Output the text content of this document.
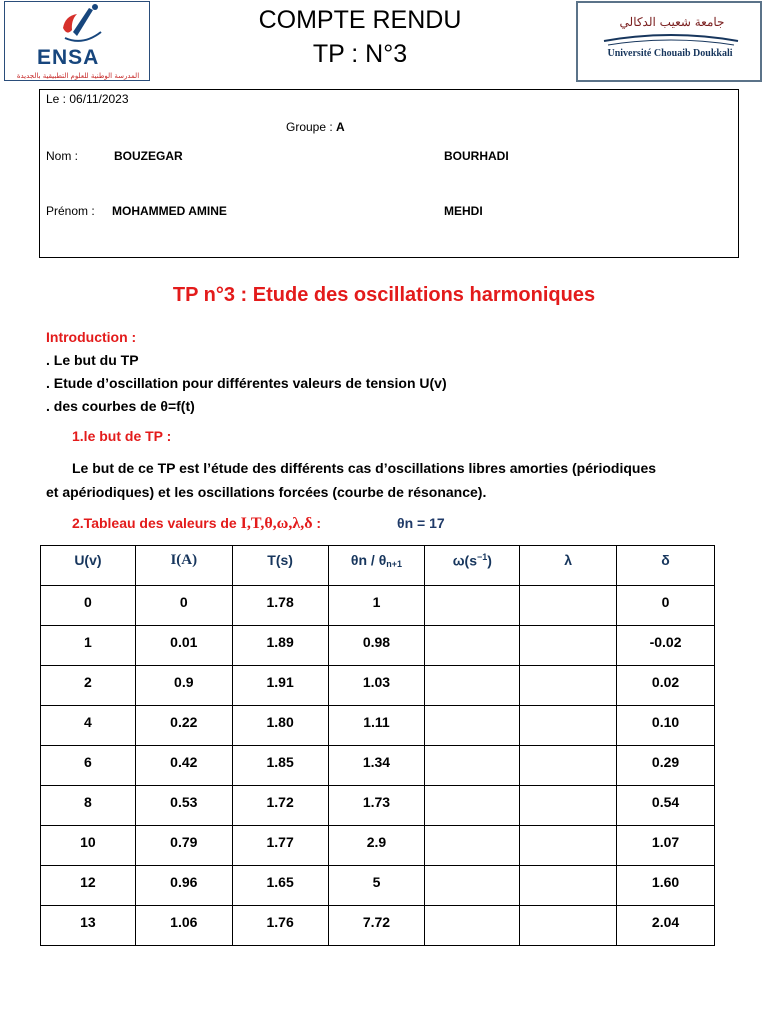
ENSA
المدرسة الوطنية للعلوم التطبيقية بالجديدة
COMPTE RENDU
TP : N°3
جامعة شعيب الدكالي
Université Chouaib Doukkali
Le : 06/11/2023
Groupe : A
Nom :	BOUZEGAR	BOURHADI
Prénom : MOHAMMED AMINE	MEHDI
TP n°3 : Etude des oscillations harmoniques
Introduction :
. Le but du TP
. Etude d’oscillation pour différentes valeurs de tension U(v)
. des courbes de θ=f(t)
1.le but de TP :
Le but de ce TP est l’étude des différents cas d’oscillations libres amorties (périodiques
et apériodiques) et les oscillations forcées (courbe de résonance).
2.Tableau des valeurs de I,T,θ,ω,λ,δ :	θn = 17
U(v)	I(A)	T(s)	θn / $\theta_{n+1}$	$\omega(s^{-1})$	λ	δ
0	0	1.78	1			0
1	0.01	1.89	0.98			-0.02
2	0.9	1.91	1.03			0.02
4	0.22	1.80	1.11			0.10
6	0.42	1.85	1.34			0.29
8	0.53	1.72	1.73			0.54
10	0.79	1.77	2.9			1.07
12	0.96	1.65	5			1.60
13	1.06	1.76	7.72			2.04
